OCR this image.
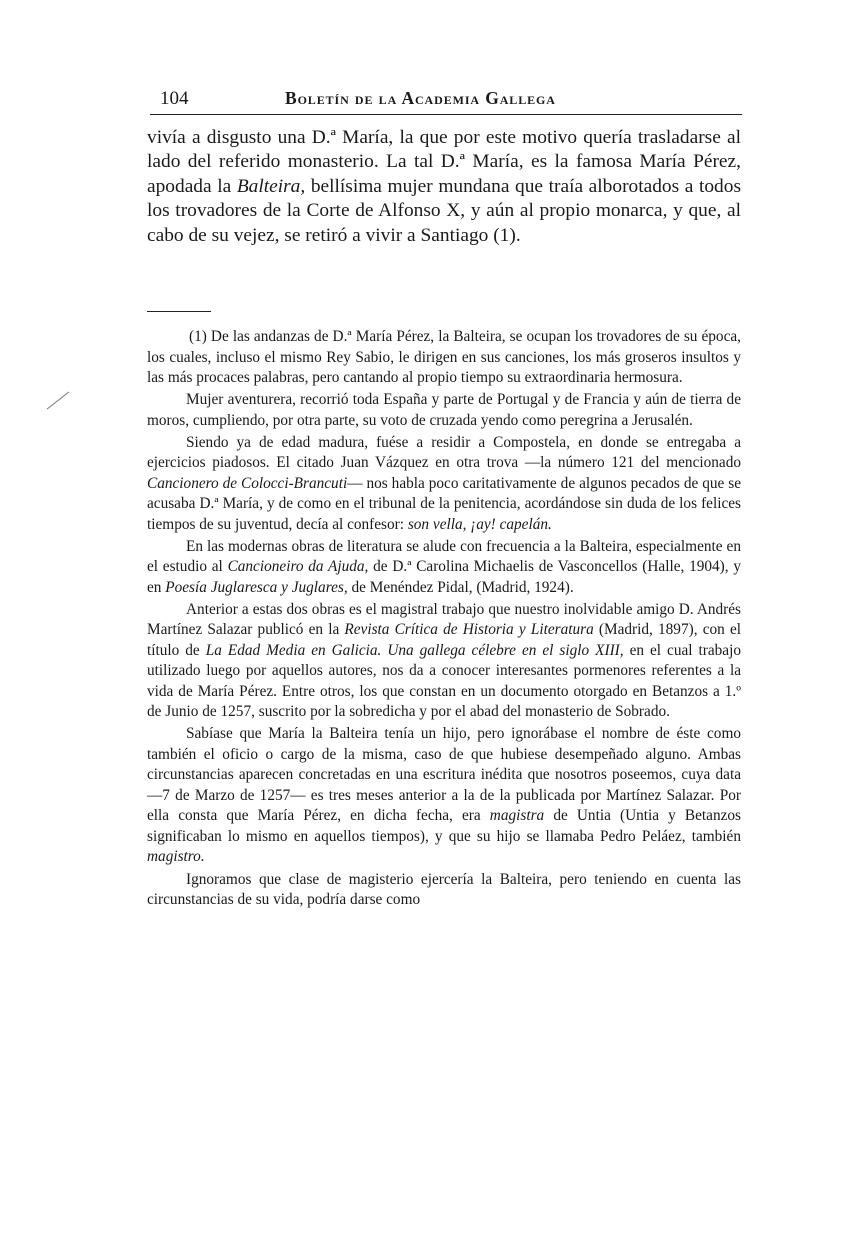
104	Boletín de la Academia Gallega

vivía a disgusto una D.ª María, la que por este motivo quería trasladarse al lado del referido monasterio. La tal D.ª María, es la famosa María Pérez, apodada la Balteira, bellísima mujer mundana que traía alborotados a todos los trovadores de la Corte de Alfonso X, y aún al propio monarca, y que, al cabo de su vejez, se retiró a vivir a Santiago (1).

(1) De las andanzas de D.ª María Pérez, la Balteira, se ocupan los trovadores de su época, los cuales, incluso el mismo Rey Sabio, le dirigen en sus canciones, los más groseros insultos y las más procaces palabras, pero cantando al propio tiempo su extraordinaria hermosura.

Mujer aventurera, recorrió toda España y parte de Portugal y de Francia y aún de tierra de moros, cumpliendo, por otra parte, su voto de cruzada yendo como peregrina a Jerusalén.

Siendo ya de edad madura, fuése a residir a Compostela, en donde se entregaba a ejercicios piadosos. El citado Juan Vázquez en otra trova —la número 121 del mencionado Cancionero de Colocci-Brancuti— nos habla poco caritativamente de algunos pecados de que se acusaba D.ª María, y de como en el tribunal de la penitencia, acordándose sin duda de los felices tiempos de su juventud, decía al confesor: son vella, ¡ay! capelán.

En las modernas obras de literatura se alude con frecuencia a la Balteira, especialmente en el estudio al Cancioneiro da Ajuda, de D.ª Carolina Michaelis de Vasconcellos (Halle, 1904), y en Poesía Juglaresca y Juglares, de Menéndez Pidal, (Madrid, 1924).

Anterior a estas dos obras es el magistral trabajo que nuestro inolvidable amigo D. Andrés Martínez Salazar publicó en la Revista Crítica de Historia y Literatura (Madrid, 1897), con el título de La Edad Media en Galicia. Una gallega célebre en el siglo XIII, en el cual trabajo utilizado luego por aquellos autores, nos da a conocer interesantes pormenores referentes a la vida de María Pérez. Entre otros, los que constan en un documento otorgado en Betanzos a 1.º de Junio de 1257, suscrito por la sobredicha y por el abad del monasterio de Sobrado.

Sabíase que María la Balteira tenía un hijo, pero ignorábase el nombre de éste como también el oficio o cargo de la misma, caso de que hubiese desempeñado alguno. Ambas circunstancias aparecen concretadas en una escritura inédita que nosotros poseemos, cuya data —7 de Marzo de 1257— es tres meses anterior a la de la publicada por Martínez Salazar. Por ella consta que María Pérez, en dicha fecha, era magistra de Untia (Untia y Betanzos significaban lo mismo en aquellos tiempos), y que su hijo se llamaba Pedro Peláez, también magistro.

Ignoramos que clase de magisterio ejercería la Balteira, pero teniendo en cuenta las circunstancias de su vida, podría darse como
